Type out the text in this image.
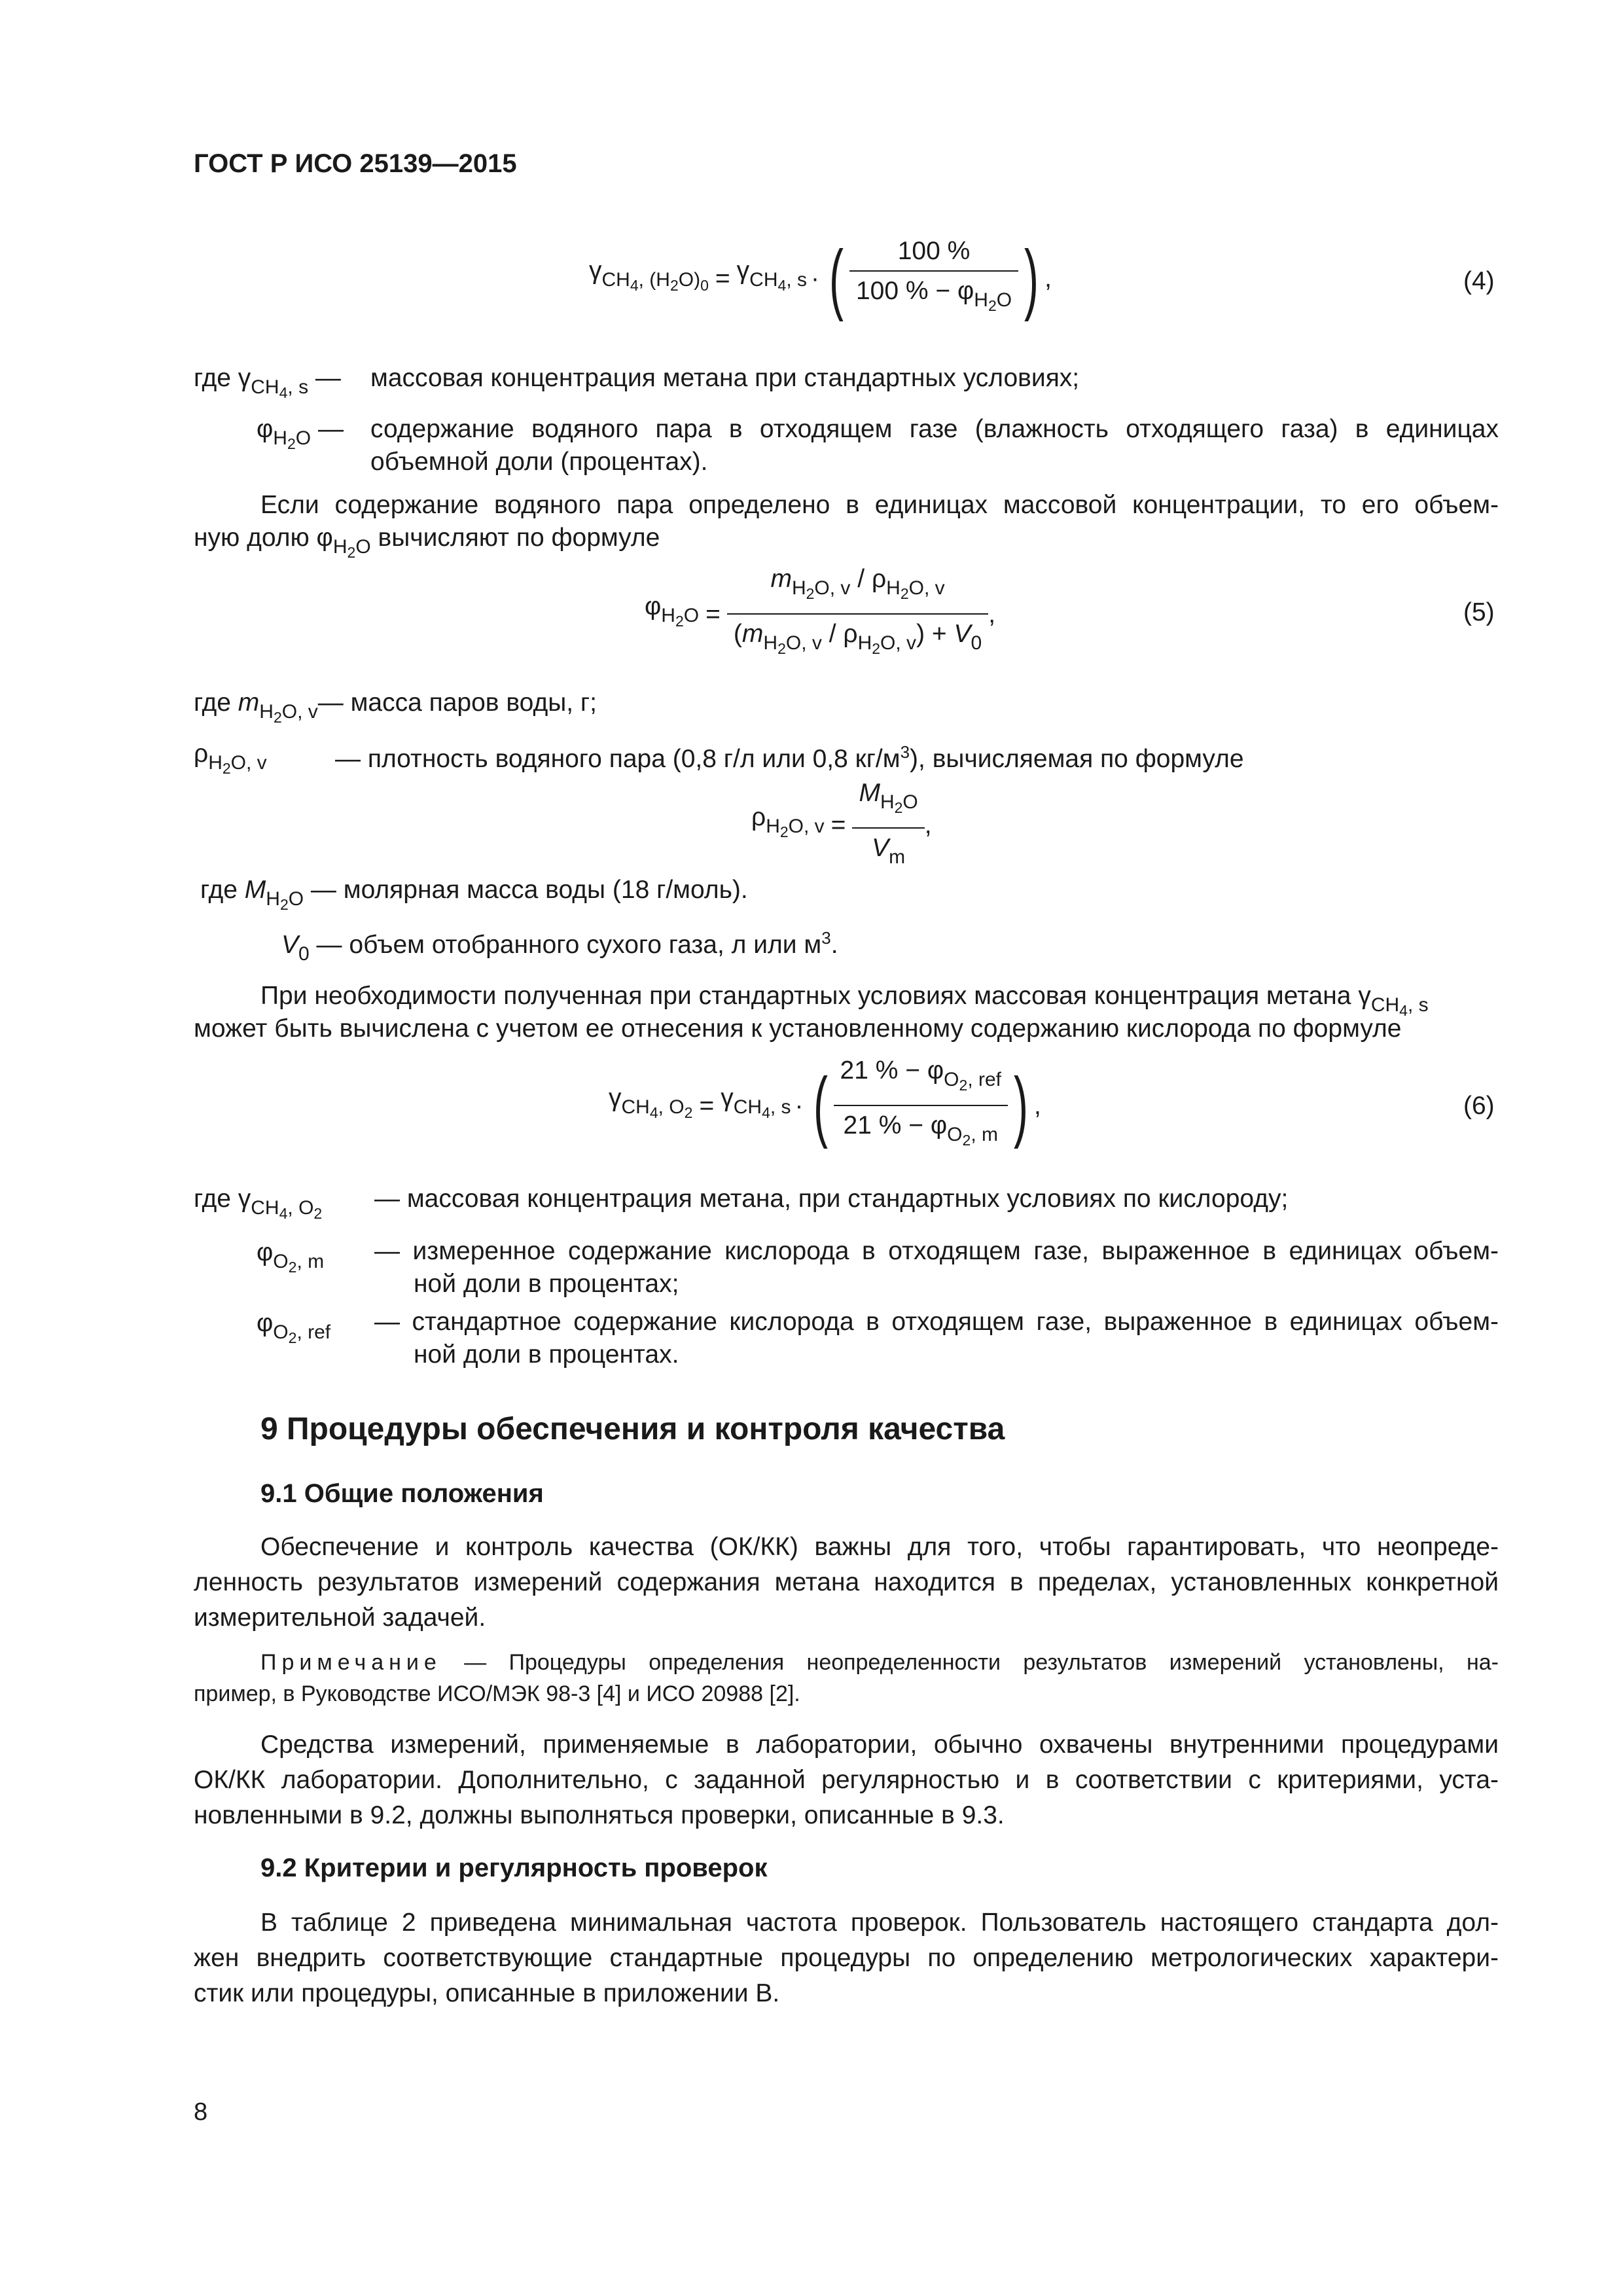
ГОСТ Р ИСО 25139—2015
$\gamma_{CH_4, (H_2O)_0} = \gamma_{CH_4, s}$ · ( $\frac{100 \%}{100 \% - \varphi_{H_2O}}$ ) ,	(4)
где $\gamma_{CH_4, s}$ — массовая концентрация метана при стандартных условиях;
$\varphi_{H_2O}$ — содержание водяного пара в отходящем газе (влажность отходящего газа) в единицах
объемной доли (процентах).
Если содержание водяного пара определено в единицах массовой концентрации, то его объем-
ную долю $\varphi_{H_2O}$ вычисляют по формуле
$\varphi_{H_2O} = \frac{m_{H_2O, v} / \rho_{H_2O, v}}{(m_{H_2O, v} / \rho_{H_2O, v}) + V_0}$ ,	(5)
где $m_{H_2O, v}—$ масса паров воды, г;
$\rho_{H_2O, v}$	— плотность водяного пара (0,8 г/л или 0,8 $кг/м^3$), вычисляемая по формуле
$\rho_{H_2O, v} = \frac{M_{H_2O}}{V_m}$ ,
где $M_{H_2O}$ — молярная масса воды (18 г/моль).
$V_0$ — объем отобранного сухого газа, л или $м^3$.
При необходимости полученная при стандартных условиях массовая концентрация метана $\gamma_{CH_4, s}$
может быть вычислена с учетом ее отнесения к установленному содержанию кислорода по формуле
$\gamma_{CH_4, O_2} = \gamma_{CH_4, s}$ · ( $\frac{21 \% - \varphi_{O_2, ref}}{21 \% - \varphi_{O_2, m}}$ ) ,	(6)
где $\gamma_{CH_4, O_2}$
— массовая концентрация метана, при стандартных условиях по кислороду;
$\varphi_{O_2, m}$ — измеренное содержание кислорода в отходящем газе, выраженное в единицах объем-
ной доли в процентах;
$\varphi_{O_2, ref}$ — стандартное содержание кислорода в отходящем газе, выраженное в единицах объем-
ной доли в процентах.
9 Процедуры обеспечения и контроля качества
9.1 Общие положения
Обеспечение и контроль качества (ОК/КК) важны для того, чтобы гарантировать, что неопреде-
ленность результатов измерений содержания метана находится в пределах, установленных конкретной
измерительной задачей.
Примечание — Процедуры определения неопределенности результатов измерений установлены, на-
пример, в Руководстве ИСО/МЭК 98-3 [4] и ИСО 20988 [2].
Средства измерений, применяемые в лаборатории, обычно охвачены внутренними процедурами
ОК/КК лаборатории. Дополнительно, с заданной регулярностью и в соответствии с критериями, уста-
новленными в 9.2, должны выполняться проверки, описанные в 9.3.
9.2 Критерии и регулярность проверок
В таблице 2 приведена минимальная частота проверок. Пользователь настоящего стандарта дол-
жен внедрить соответствующие стандартные процедуры по определению метрологических характери-
стик или процедуры, описанные в приложении В.
8
